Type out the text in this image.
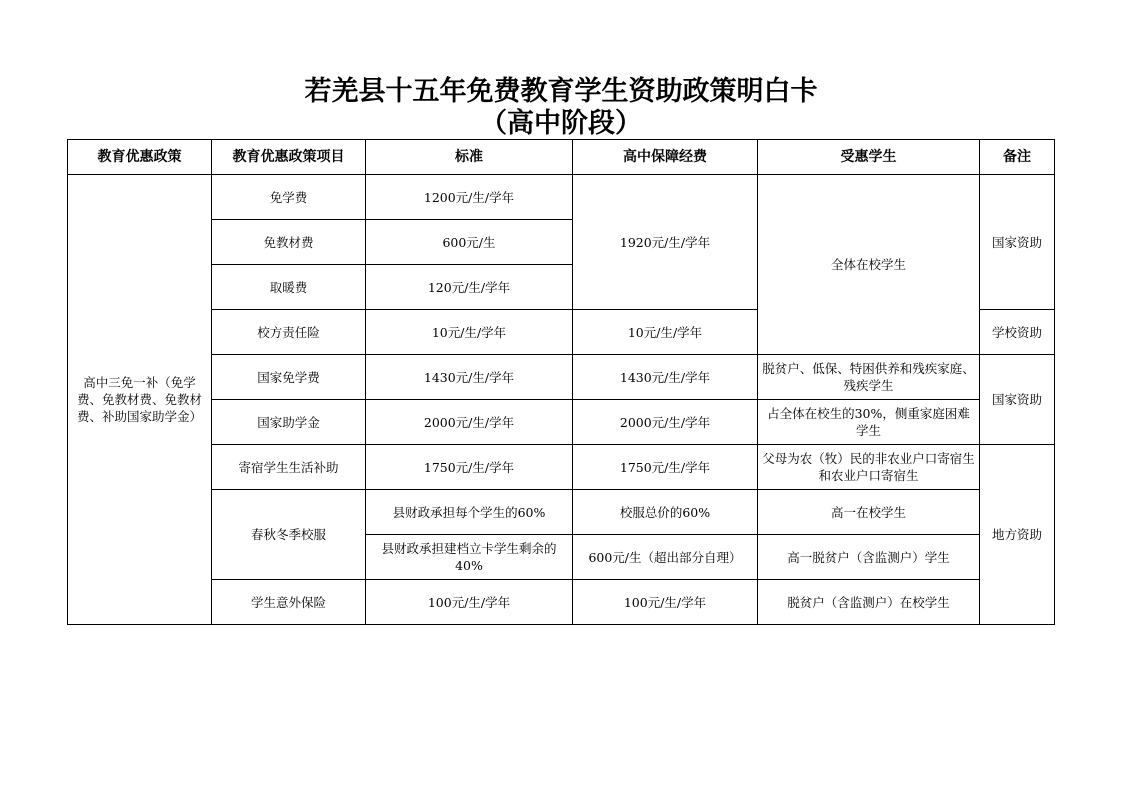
若羌县十五年免费教育学生资助政策明白卡
（高中阶段）
教育优惠政策	教育优惠政策项目	标准	高中保障经费	受惠学生	备注
高中三免一补（免学费、免教材费、免教材费、补助国家助学金）	免学费	1200元/生/学年	1920元/生/学年	全体在校学生	国家资助
	免教材费	600元/生			
	取暖费	120元/生/学年			
	校方责任险	10元/生/学年	10元/生/学年		学校资助
	国家免学费	1430元/生/学年	1430元/生/学年	脱贫户、低保、特困供养和残疾家庭、残疾学生	国家资助
	国家助学金	2000元/生/学年	2000元/生/学年	占全体在校生的30%，侧重家庭困难学生	
	寄宿学生生活补助	1750元/生/学年	1750元/生/学年	父母为农（牧）民的非农业户口寄宿生和农业户口寄宿生	地方资助
	春秋冬季校服	县财政承担每个学生的60%	校服总价的60%	高一在校学生	
		县财政承担建档立卡学生剩余的40%	600元/生（超出部分自理）	高一脱贫户（含监测户）学生	
	学生意外保险	100元/生/学年	100元/生/学年	脱贫户（含监测户）在校学生	
